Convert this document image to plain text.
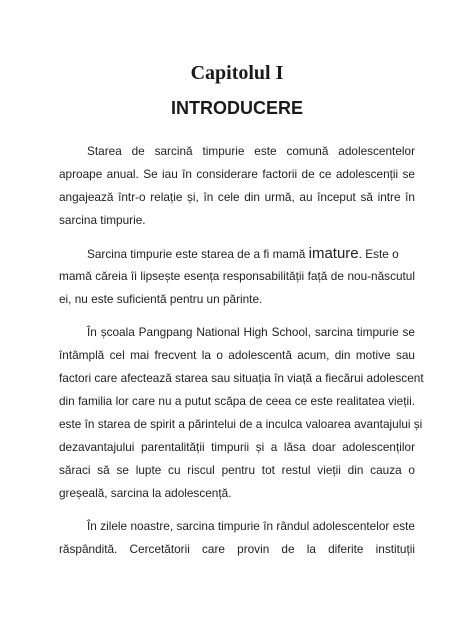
Capitolul I
INTRODUCERE
Starea de sarcină timpurie este comună adolescentelor
aproape anual. Se iau în considerare factorii de ce adolescenții se
angajează într-o relație și, în cele din urmă, au început să intre în
sarcina timpurie.
Sarcina timpurie este starea de a fi mamă imature. Este o
mamă căreia îi lipsește esența responsabilității față de nou-născutul
ei, nu este suficientă pentru un părinte.
În școala Pangpang National High School, sarcina timpurie se
întâmplă cel mai frecvent la o adolescentă acum, din motive sau
factori care afectează starea sau situația în viață a fiecărui adolescent
din familia lor care nu a putut scăpa de ceea ce este realitatea vieții.
este în starea de spirit a părintelui de a inculca valoarea avantajului și
dezavantajului parentalității timpurii și a lăsa doar adolescenților
săraci să se lupte cu riscul pentru tot restul vieții din cauza o
greșeală, sarcina la adolescență.
În zilele noastre, sarcina timpurie în rândul adolescentelor este
răspândită. Cercetătorii care provin de la diferite instituții
